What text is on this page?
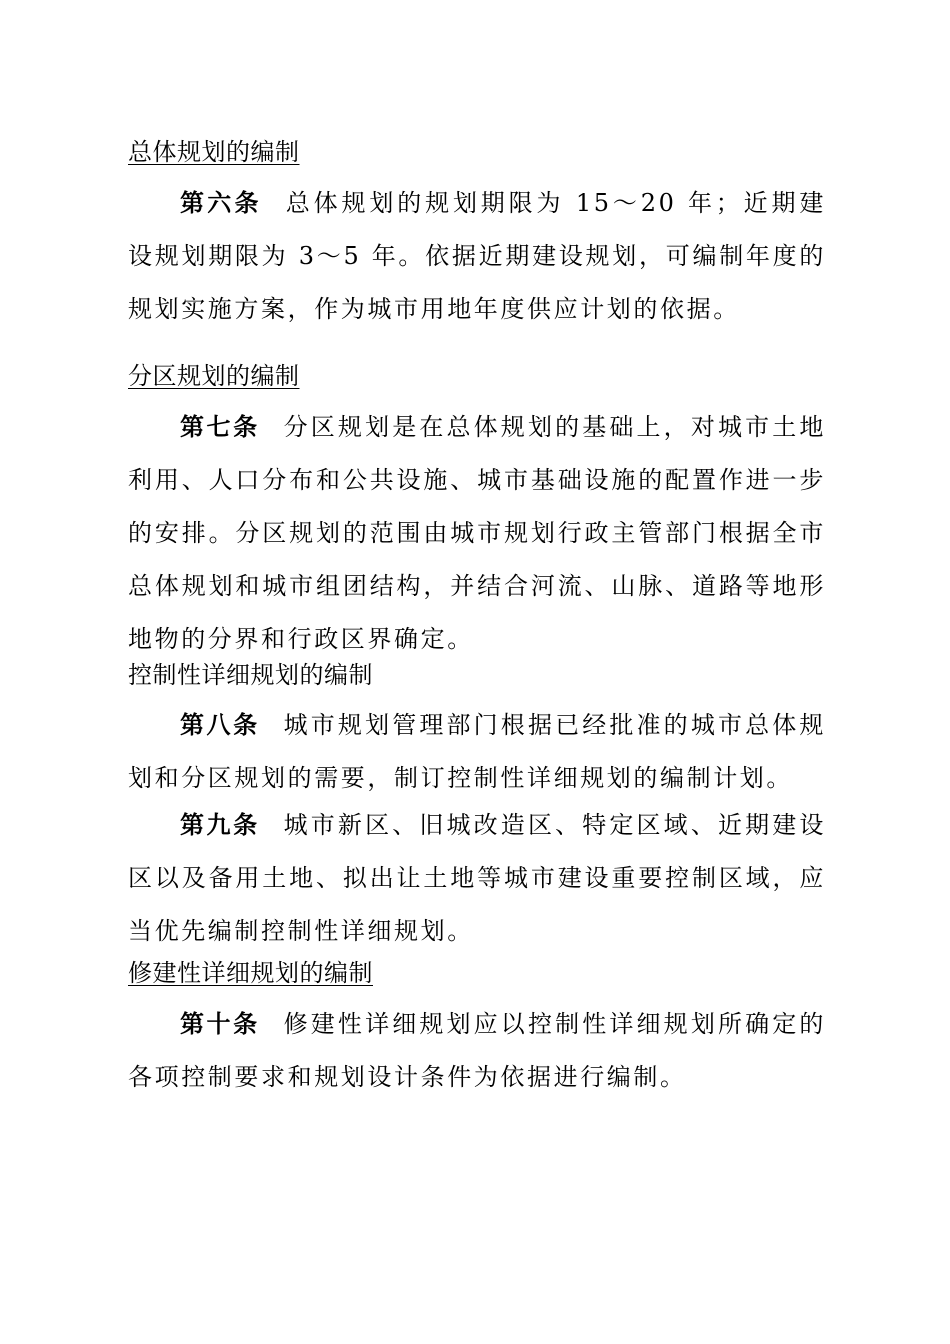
总体规划的编制
第六条 总体规划的规划期限为 15～20 年；近期建设规划期限为 3～5 年。依据近期建设规划，可编制年度的规划实施方案，作为城市用地年度供应计划的依据。
分区规划的编制
第七条 分区规划是在总体规划的基础上，对城市土地利用、人口分布和公共设施、城市基础设施的配置作进一步的安排。分区规划的范围由城市规划行政主管部门根据全市总体规划和城市组团结构，并结合河流、山脉、道路等地形地物的分界和行政区界确定。
控制性详细规划的编制
第八条 城市规划管理部门根据已经批准的城市总体规划和分区规划的需要，制订控制性详细规划的编制计划。
第九条 城市新区、旧城改造区、特定区域、近期建设区以及备用土地、拟出让土地等城市建设重要控制区域，应当优先编制控制性详细规划。
修建性详细规划的编制
第十条 修建性详细规划应以控制性详细规划所确定的各项控制要求和规划设计条件为依据进行编制。
